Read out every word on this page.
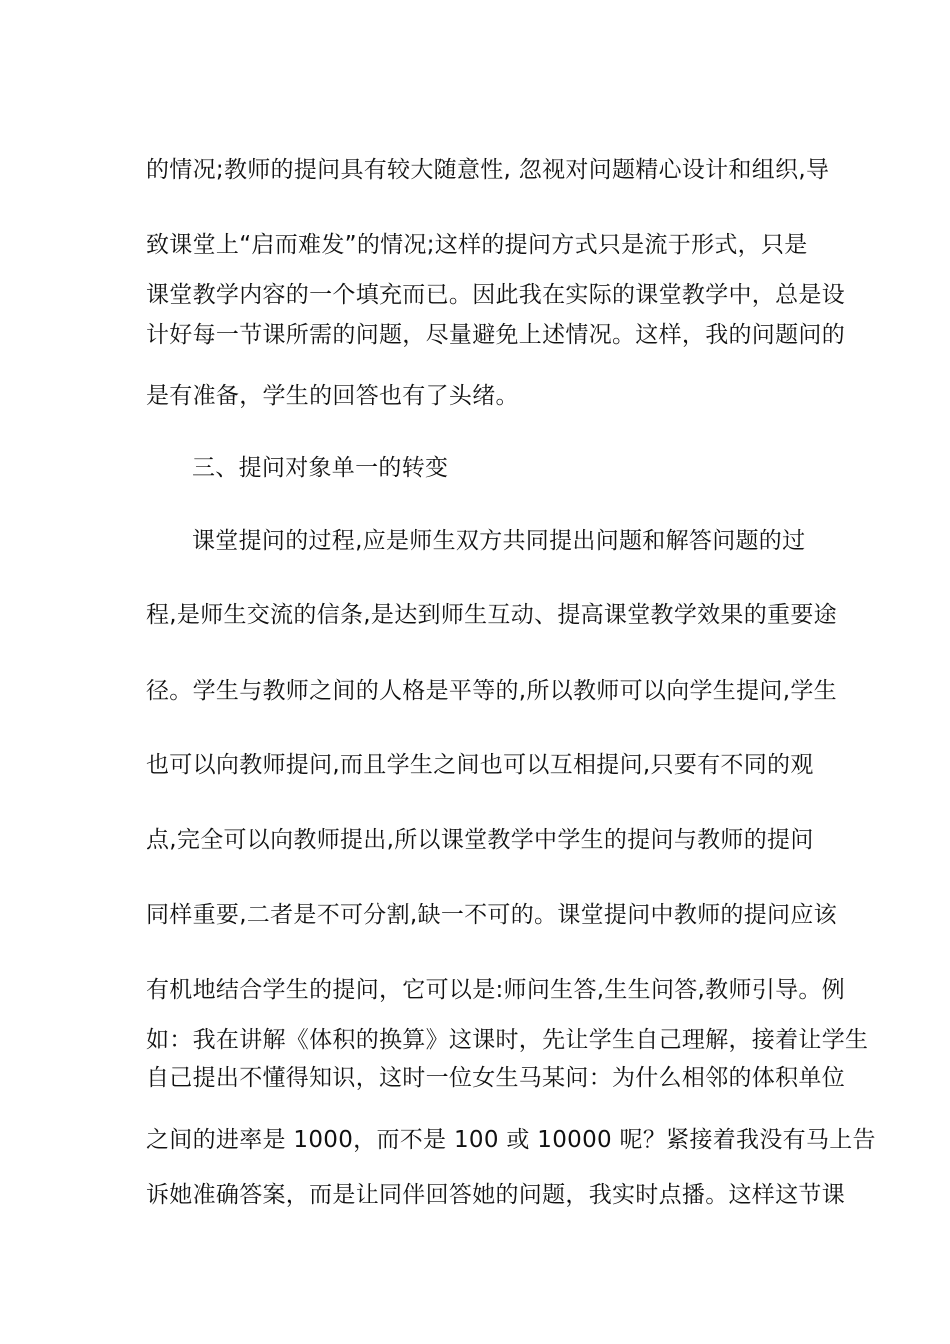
的情况;教师的提问具有较大随意性, 忽视对问题精心设计和组织,导
致课堂上“启而难发”的情况;这样的提问方式只是流于形式，只是
课堂教学内容的一个填充而已。因此我在实际的课堂教学中，总是设
计好每一节课所需的问题，尽量避免上述情况。这样，我的问题问的
是有准备，学生的回答也有了头绪。
三、提问对象单一的转变
课堂提问的过程,应是师生双方共同提出问题和解答问题的过
程,是师生交流的信条,是达到师生互动、提高课堂教学效果的重要途
径。学生与教师之间的人格是平等的,所以教师可以向学生提问,学生
也可以向教师提问,而且学生之间也可以互相提问,只要有不同的观
点,完全可以向教师提出,所以课堂教学中学生的提问与教师的提问
同样重要,二者是不可分割,缺一不可的。课堂提问中教师的提问应该
有机地结合学生的提问，它可以是:师问生答,生生问答,教师引导。例
如：我在讲解《体积的换算》这课时，先让学生自己理解，接着让学生
自己提出不懂得知识，这时一位女生马某问：为什么相邻的体积单位
之间的进率是 1000，而不是 100 或 10000 呢？紧接着我没有马上告
诉她准确答案，而是让同伴回答她的问题，我实时点播。这样这节课
